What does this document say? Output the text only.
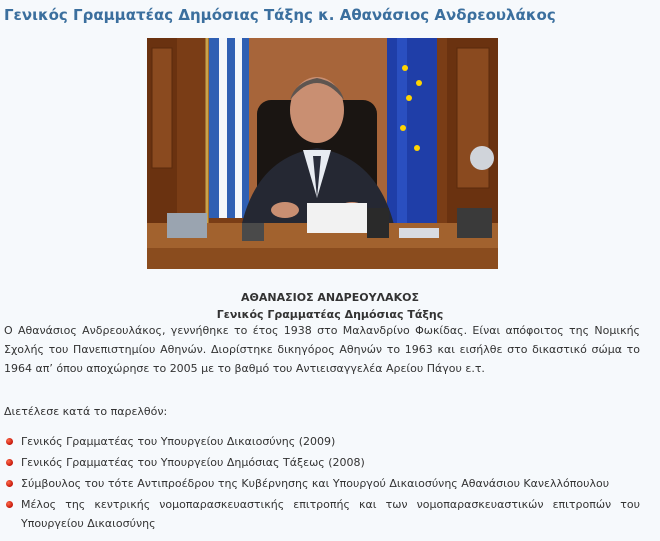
Γενικός Γραμματέας Δημόσιας Τάξης κ. Αθανάσιος Ανδρεουλάκος
ΑΘΑΝΑΣΙΟΣ ΑΝΔΡΕΟΥΛΑΚΟΣ
Γενικός Γραμματέας Δημόσιας Τάξης

Ο Αθανάσιος Ανδρεουλάκος, γεννήθηκε το έτος 1938 στο Μαλανδρίνο Φωκίδας. Είναι απόφοιτος της Νομικής Σχολής του Πανεπιστημίου Αθηνών. Διορίστηκε δικηγόρος Αθηνών το 1963 και εισήλθε στο δικαστικό σώμα το 1964 απ’ όπου αποχώρησε το 2005 με το βαθμό του Αντιεισαγγελέα Αρείου Πάγου ε.τ.

Διετέλεσε κατά το παρελθόν:

Γενικός Γραμματέας του Υπουργείου Δικαιοσύνης (2009)
Γενικός Γραμματέας του Υπουργείου Δημόσιας Τάξεως (2008)
Σύμβουλος του τότε Αντιπροέδρου της Κυβέρνησης και Υπουργού Δικαιοσύνης Αθανάσιου Κανελλόπουλου
Μέλος της κεντρικής νομοπαρασκευαστικής επιτροπής και των νομοπαρασκευαστικών επιτροπών του Υπουργείου Δικαιοσύνης
